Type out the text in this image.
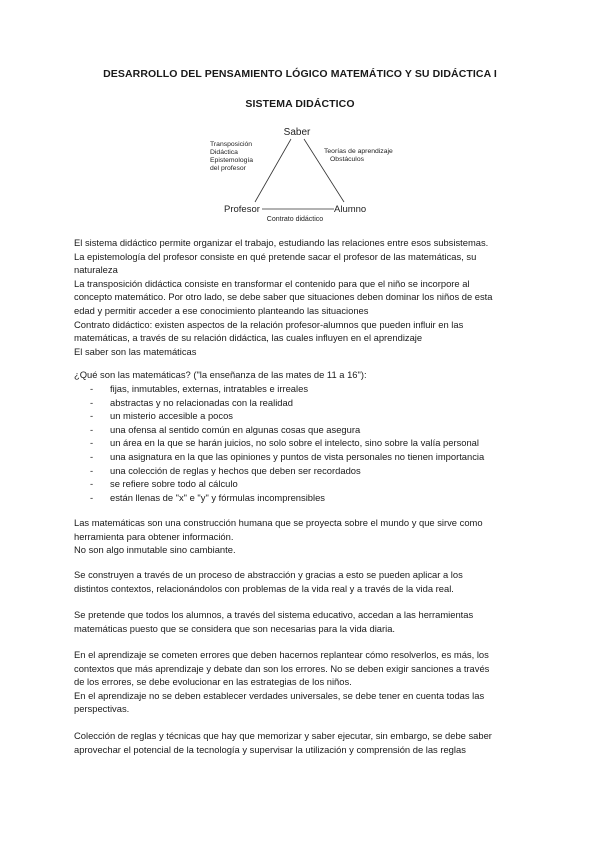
DESARROLLO DEL PENSAMIENTO LÓGICO MATEMÁTICO Y SU DIDÁCTICA I
SISTEMA DIDÁCTICO
Saber
Profesor	Alumno
Contrato didáctico
Transposición
Didáctica
Epistemología
del profesor
Teorías de aprendizaje
Obstáculos
El sistema didáctico permite organizar el trabajo, estudiando las relaciones entre esos subsistemas.
La epistemología del profesor consiste en qué pretende sacar el profesor de las matemáticas, su
naturaleza
La transposición didáctica consiste en transformar el contenido para que el niño se incorpore al
concepto matemático. Por otro lado, se debe saber que situaciones deben dominar los niños de esta
edad y permitir acceder a ese conocimiento planteando las situaciones
Contrato didáctico: existen aspectos de la relación profesor-alumnos que pueden influir en las
matemáticas, a través de su relación didáctica, las cuales influyen en el aprendizaje
El saber son las matemáticas
¿Qué son las matemáticas? ("la enseñanza de las mates de 11 a 16"):
- fijas, inmutables, externas, intratables e irreales
- abstractas y no relacionadas con la realidad
- un misterio accesible a pocos
- una ofensa al sentido común en algunas cosas que asegura
- un área en la que se harán juicios, no solo sobre el intelecto, sino sobre la valía personal
- una asignatura en la que las opiniones y puntos de vista personales no tienen importancia
- una colección de reglas y hechos que deben ser recordados
- se refiere sobre todo al cálculo
- están llenas de "x" e "y" y fórmulas incomprensibles
Las matemáticas son una construcción humana que se proyecta sobre el mundo y que sirve como
herramienta para obtener información.
No son algo inmutable sino cambiante.
Se construyen a través de un proceso de abstracción y gracias a esto se pueden aplicar a los
distintos contextos, relacionándolos con problemas de la vida real y a través de la vida real.
Se pretende que todos los alumnos, a través del sistema educativo, accedan a las herramientas
matemáticas puesto que se considera que son necesarias para la vida diaria.
En el aprendizaje se cometen errores que deben hacernos replantear cómo resolverlos, es más, los
contextos que más aprendizaje y debate dan son los errores. No se deben exigir sanciones a través
de los errores, se debe evolucionar en las estrategias de los niños.
En el aprendizaje no se deben establecer verdades universales, se debe tener en cuenta todas las
perspectivas.
Colección de reglas y técnicas que hay que memorizar y saber ejecutar, sin embargo, se debe saber
aprovechar el potencial de la tecnología y supervisar la utilización y comprensión de las reglas
